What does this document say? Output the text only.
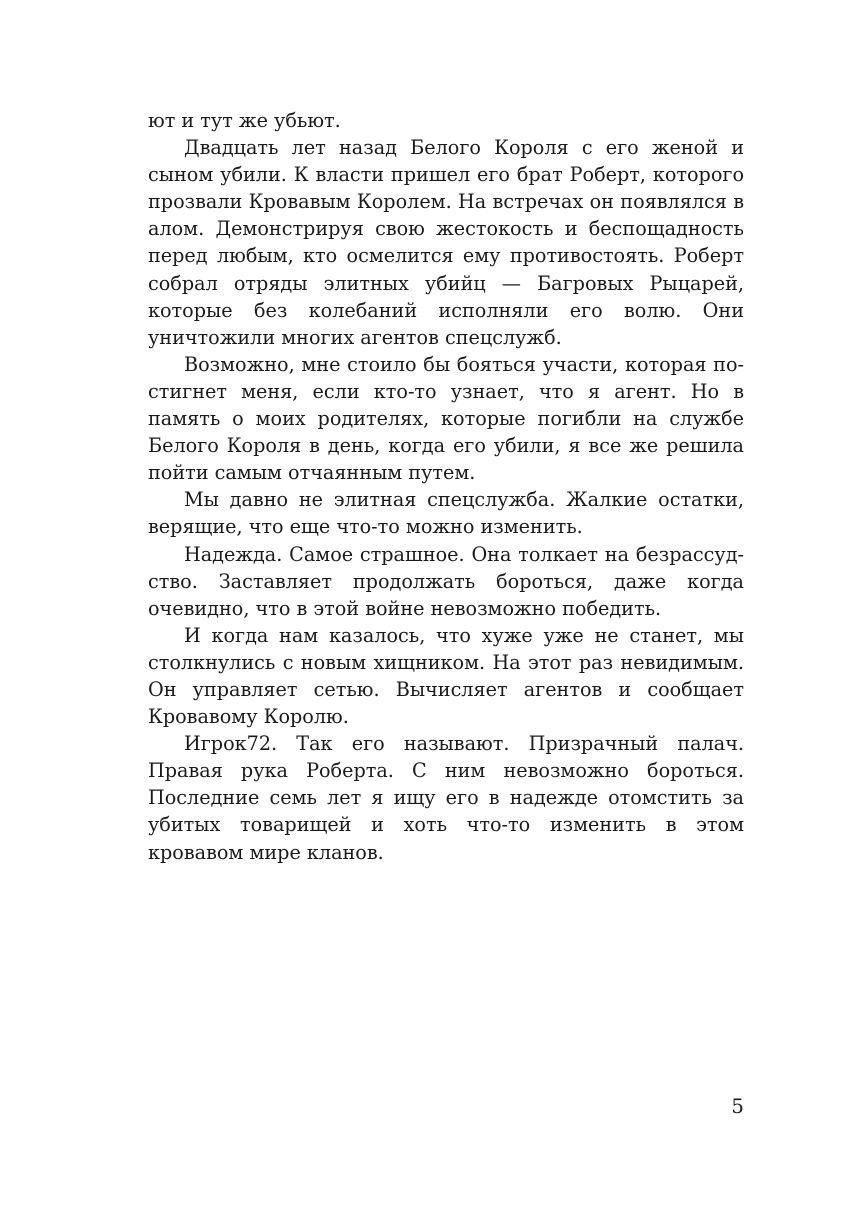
ют и тут же убьют.

Двадцать лет назад Белого Короля с его женой и сыном убили. К власти пришел его брат Роберт, которого прозвали Кровавым Королем. На встречах он появлялся в алом. Демонстрируя свою жестокость и беспощадность перед любым, кто осмелится ему противостоять. Роберт собрал отряды элитных убийц — Багровых Рыцарей, которые без колебаний исполняли его волю. Они уничтожили многих агентов спецслужб.

Возможно, мне стоило бы бояться участи, которая постигнет меня, если кто-то узнает, что я агент. Но в память о моих родителях, которые погибли на службе Белого Короля в день, когда его убили, я все же решила пойти самым отчаянным путем.

Мы давно не элитная спецслужба. Жалкие остатки, верящие, что еще что-то можно изменить.

Надежда. Самое страшное. Она толкает на безрассудство. Заставляет продолжать бороться, даже когда очевидно, что в этой войне невозможно победить.

И когда нам казалось, что хуже уже не станет, мы столкнулись с новым хищником. На этот раз невидимым. Он управляет сетью. Вычисляет агентов и сообщает Кровавому Королю.

Игрок72. Так его называют. Призрачный палач. Правая рука Роберта. С ним невозможно бороться. Последние семь лет я ищу его в надежде отомстить за убитых товарищей и хоть что-то изменить в этом кровавом мире кланов.

5
